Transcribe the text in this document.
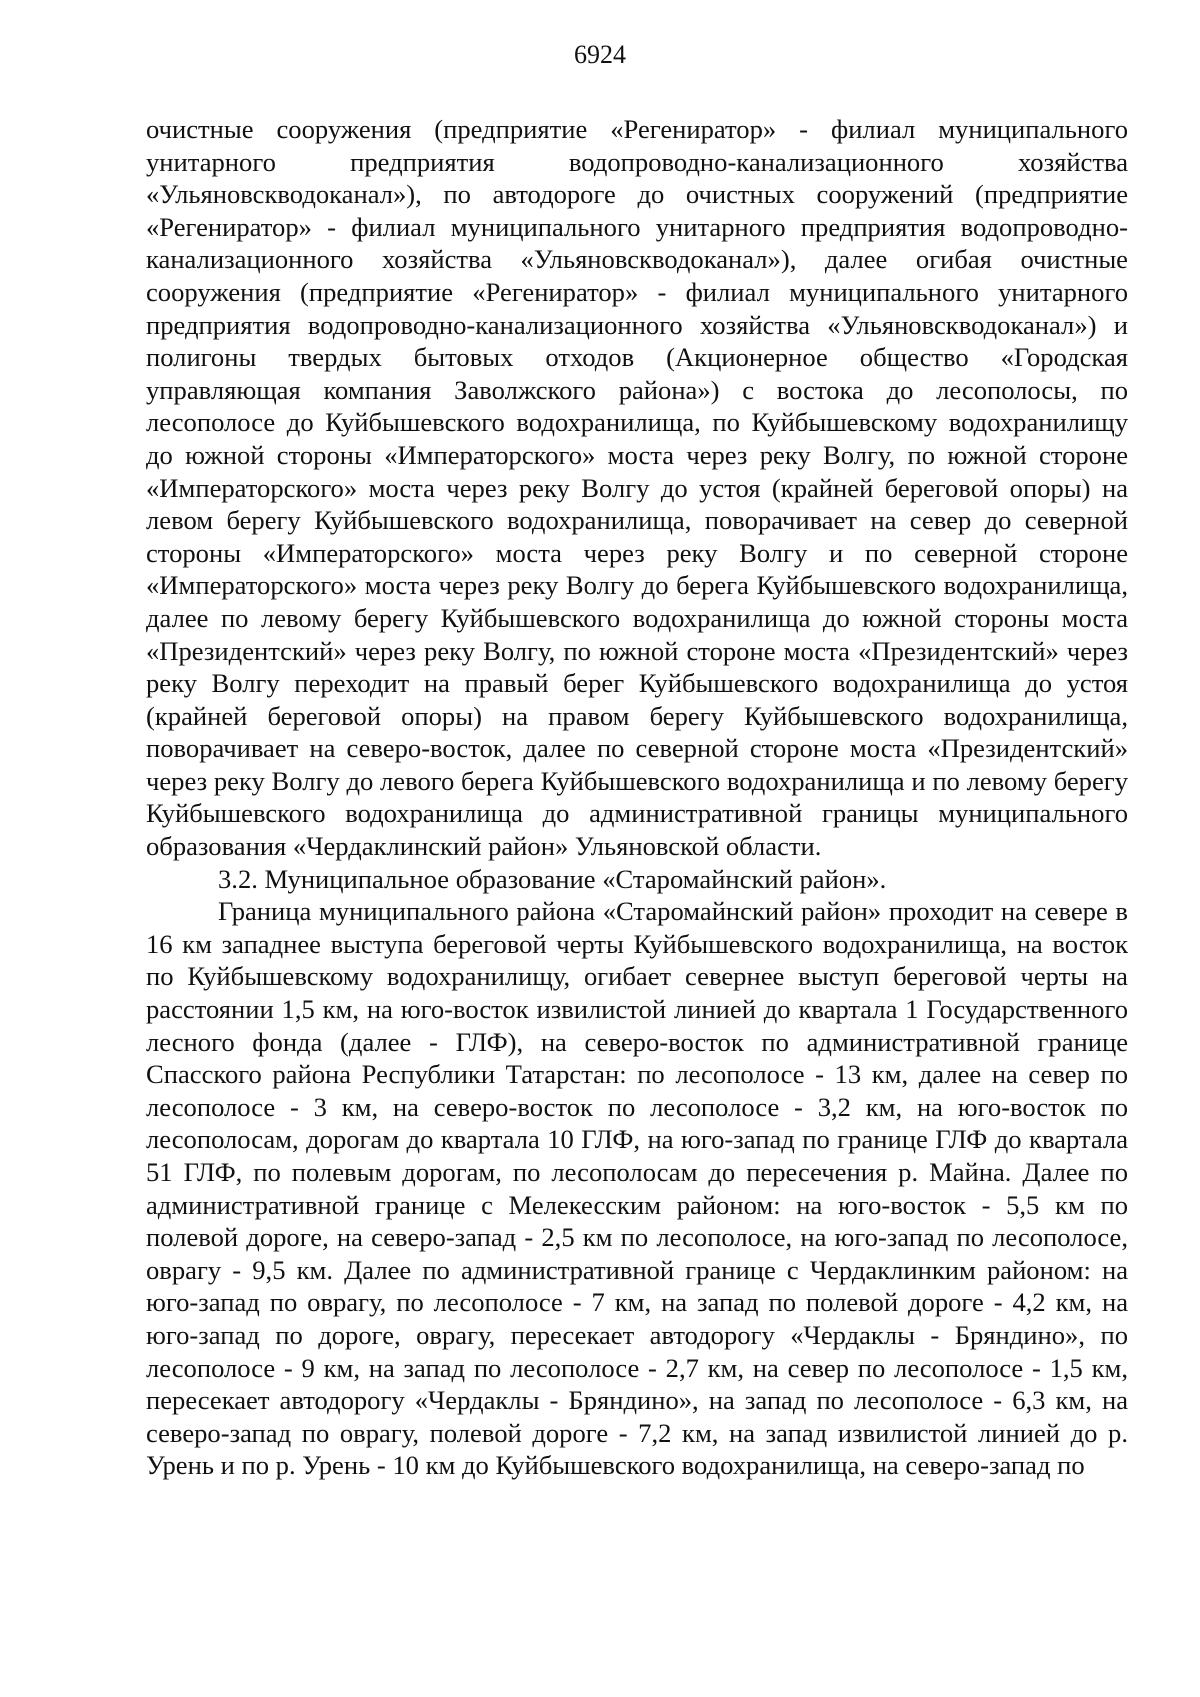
6924

очистные сооружения (предприятие «Регениратор» - филиал муниципального унитарного предприятия водопроводно-канализационного хозяйства «Ульяновскводоканал»), по автодороге до очистных сооружений (предприятие «Регениратор» - филиал муниципального унитарного предприятия водопроводно-канализационного хозяйства «Ульяновскводоканал»), далее огибая очистные сооружения (предприятие «Регениратор» - филиал муниципального унитарного предприятия водопроводно-канализационного хозяйства «Ульяновскводоканал») и полигоны твердых бытовых отходов (Акционерное общество «Городская управляющая компания Заволжского района») с востока до лесополосы, по лесополосе до Куйбышевского водохранилища, по Куйбышевскому водохранилищу до южной стороны «Императорского» моста через реку Волгу, по южной стороне «Императорского» моста через реку Волгу до устоя (крайней береговой опоры) на левом берегу Куйбышевского водохранилища, поворачивает на север до северной стороны «Императорского» моста через реку Волгу и по северной стороне «Императорского» моста через реку Волгу до берега Куйбышевского водохранилища, далее по левому берегу Куйбышевского водохранилища до южной стороны моста «Президентский» через реку Волгу, по южной стороне моста «Президентский» через реку Волгу переходит на правый берег Куйбышевского водохранилища до устоя (крайней береговой опоры) на правом берегу Куйбышевского водохранилища, поворачивает на северо-восток, далее по северной стороне моста «Президентский» через реку Волгу до левого берега Куйбышевского водохранилища и по левому берегу Куйбышевского водохранилища до административной границы муниципального образования «Чердаклинский район» Ульяновской области.

3.2. Муниципальное образование «Старомайнский район».

Граница муниципального района «Старомайнский район» проходит на севере в 16 км западнее выступа береговой черты Куйбышевского водохранилища, на восток по Куйбышевскому водохранилищу, огибает севернее выступ береговой черты на расстоянии 1,5 км, на юго-восток извилистой линией до квартала 1 Государственного лесного фонда (далее - ГЛФ), на северо-восток по административной границе Спасского района Республики Татарстан: по лесополосе - 13 км, далее на север по лесополосе - 3 км, на северо-восток по лесополосе - 3,2 км, на юго-восток по лесополосам, дорогам до квартала 10 ГЛФ, на юго-запад по границе ГЛФ до квартала 51 ГЛФ, по полевым дорогам, по лесополосам до пересечения р. Майна. Далее по административной границе с Мелекесским районом: на юго-восток - 5,5 км по полевой дороге, на северо-запад - 2,5 км по лесополосе, на юго-запад по лесополосе, оврагу - 9,5 км. Далее по административной границе с Чердаклинким районом: на юго-запад по оврагу, по лесополосе - 7 км, на запад по полевой дороге - 4,2 км, на юго-запад по дороге, оврагу, пересекает автодорогу «Чердаклы - Бряндино», по лесополосе - 9 км, на запад по лесополосе - 2,7 км, на север по лесополосе - 1,5 км, пересекает автодорогу «Чердаклы - Бряндино», на запад по лесополосе - 6,3 км, на северо-запад по оврагу, полевой дороге - 7,2 км, на запад извилистой линией до р. Урень и по р. Урень - 10 км до Куйбышевского водохранилища, на северо-запад по
